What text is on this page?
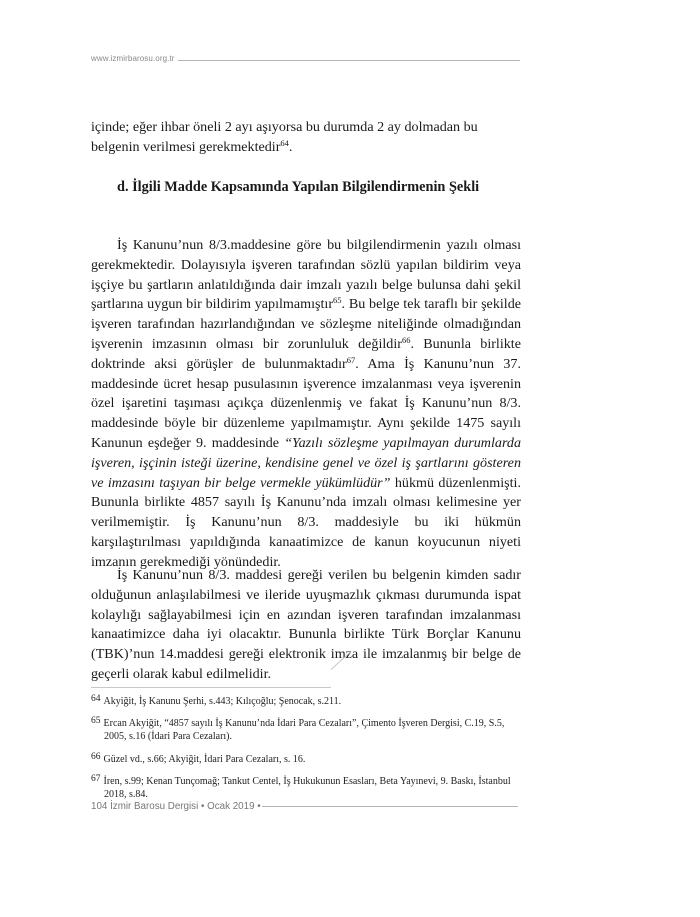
www.izmirbarosu.org.tr

içinde; eğer ihbar öneli 2 ayı aşıyorsa bu durumda 2 ay dolmadan bu

belgenin verilmesi gerekmektedir$^{64}$.

d. İlgili Madde Kapsamında Yapılan Bilgilendirmenin Şekli

İş Kanunu’nun 8/3.maddesine göre bu bilgilendirmenin yazılı olması gerekmektedir. Dolayısıyla işveren tarafından sözlü yapılan bildirim veya işçiye bu şartların anlatıldığında dair imzalı yazılı belge bulunsa dahi şekil şartlarına uygun bir bildirim yapılmamıştır$^{65}$. Bu belge tek taraflı bir şekilde işveren tarafından hazırlandığından ve sözleşme niteliğinde olmadığından işverenin imzasının olması bir zorunluluk değildir$^{66}$. Bununla birlikte doktrinde aksi görüşler de bulunmaktadır$^{67}$. Ama İş Kanunu’nun 37. maddesinde ücret hesap pusulasının işverence imzalanması veya işverenin özel işaretini taşıması açıkça düzenlenmiş ve fakat İş Kanunu’nun 8/3. maddesinde böyle bir düzenleme yapılmamıştır. Aynı şekilde 1475 sayılı Kanunun eşdeğer 9. maddesinde “Yazılı sözleşme yapılmayan durumlarda işveren, işçinin isteği üzerine, kendisine genel ve özel iş şartlarını gösteren ve imzasını taşıyan bir belge vermekle yükümlüdür” hükmü düzenlenmişti. Bununla birlikte 4857 sayılı İş Kanunu’nda imzalı olması kelimesine yer verilmemiştir. İş Kanunu’nun 8/3. maddesiyle bu iki hükmün karşılaştırılması yapıldığında kanaatimizce de kanun koyucunun niyeti imzanın gerekmediği yönündedir.

İş Kanunu’nun 8/3. maddesi gereği verilen bu belgenin kimden sadır olduğunun anlaşılabilmesi ve ileride uyuşmazlık çıkması durumunda ispat kolaylığı sağlayabilmesi için en azından işveren tarafından imzalanması kanaatimizce daha iyi olacaktır. Bununla birlikte Türk Borçlar Kanunu (TBK)’nun 14.maddesi gereği elektronik imza ile imzalanmış bir belge de geçerli olarak kabul edilmelidir.

64 Akyiğit, İş Kanunu Şerhi, s.443; Kılıçoğlu; Şenocak, s.211.
65 Ercan Akyiğit, “4857 sayılı İş Kanunu’nda İdari Para Cezaları”, Çimento İşveren Dergisi, C.19, S.5,
2005, s.16 (İdari Para Cezaları).
66 Güzel vd., s.66; Akyiğit, İdari Para Cezaları, s. 16.
67 İren, s.99; Kenan Tunçomağ; Tankut Centel, İş Hukukunun Esasları, Beta Yayınevi, 9. Baskı, İstanbul
2018, s.84.
104 İzmir Barosu Dergisi • Ocak 2019 •
